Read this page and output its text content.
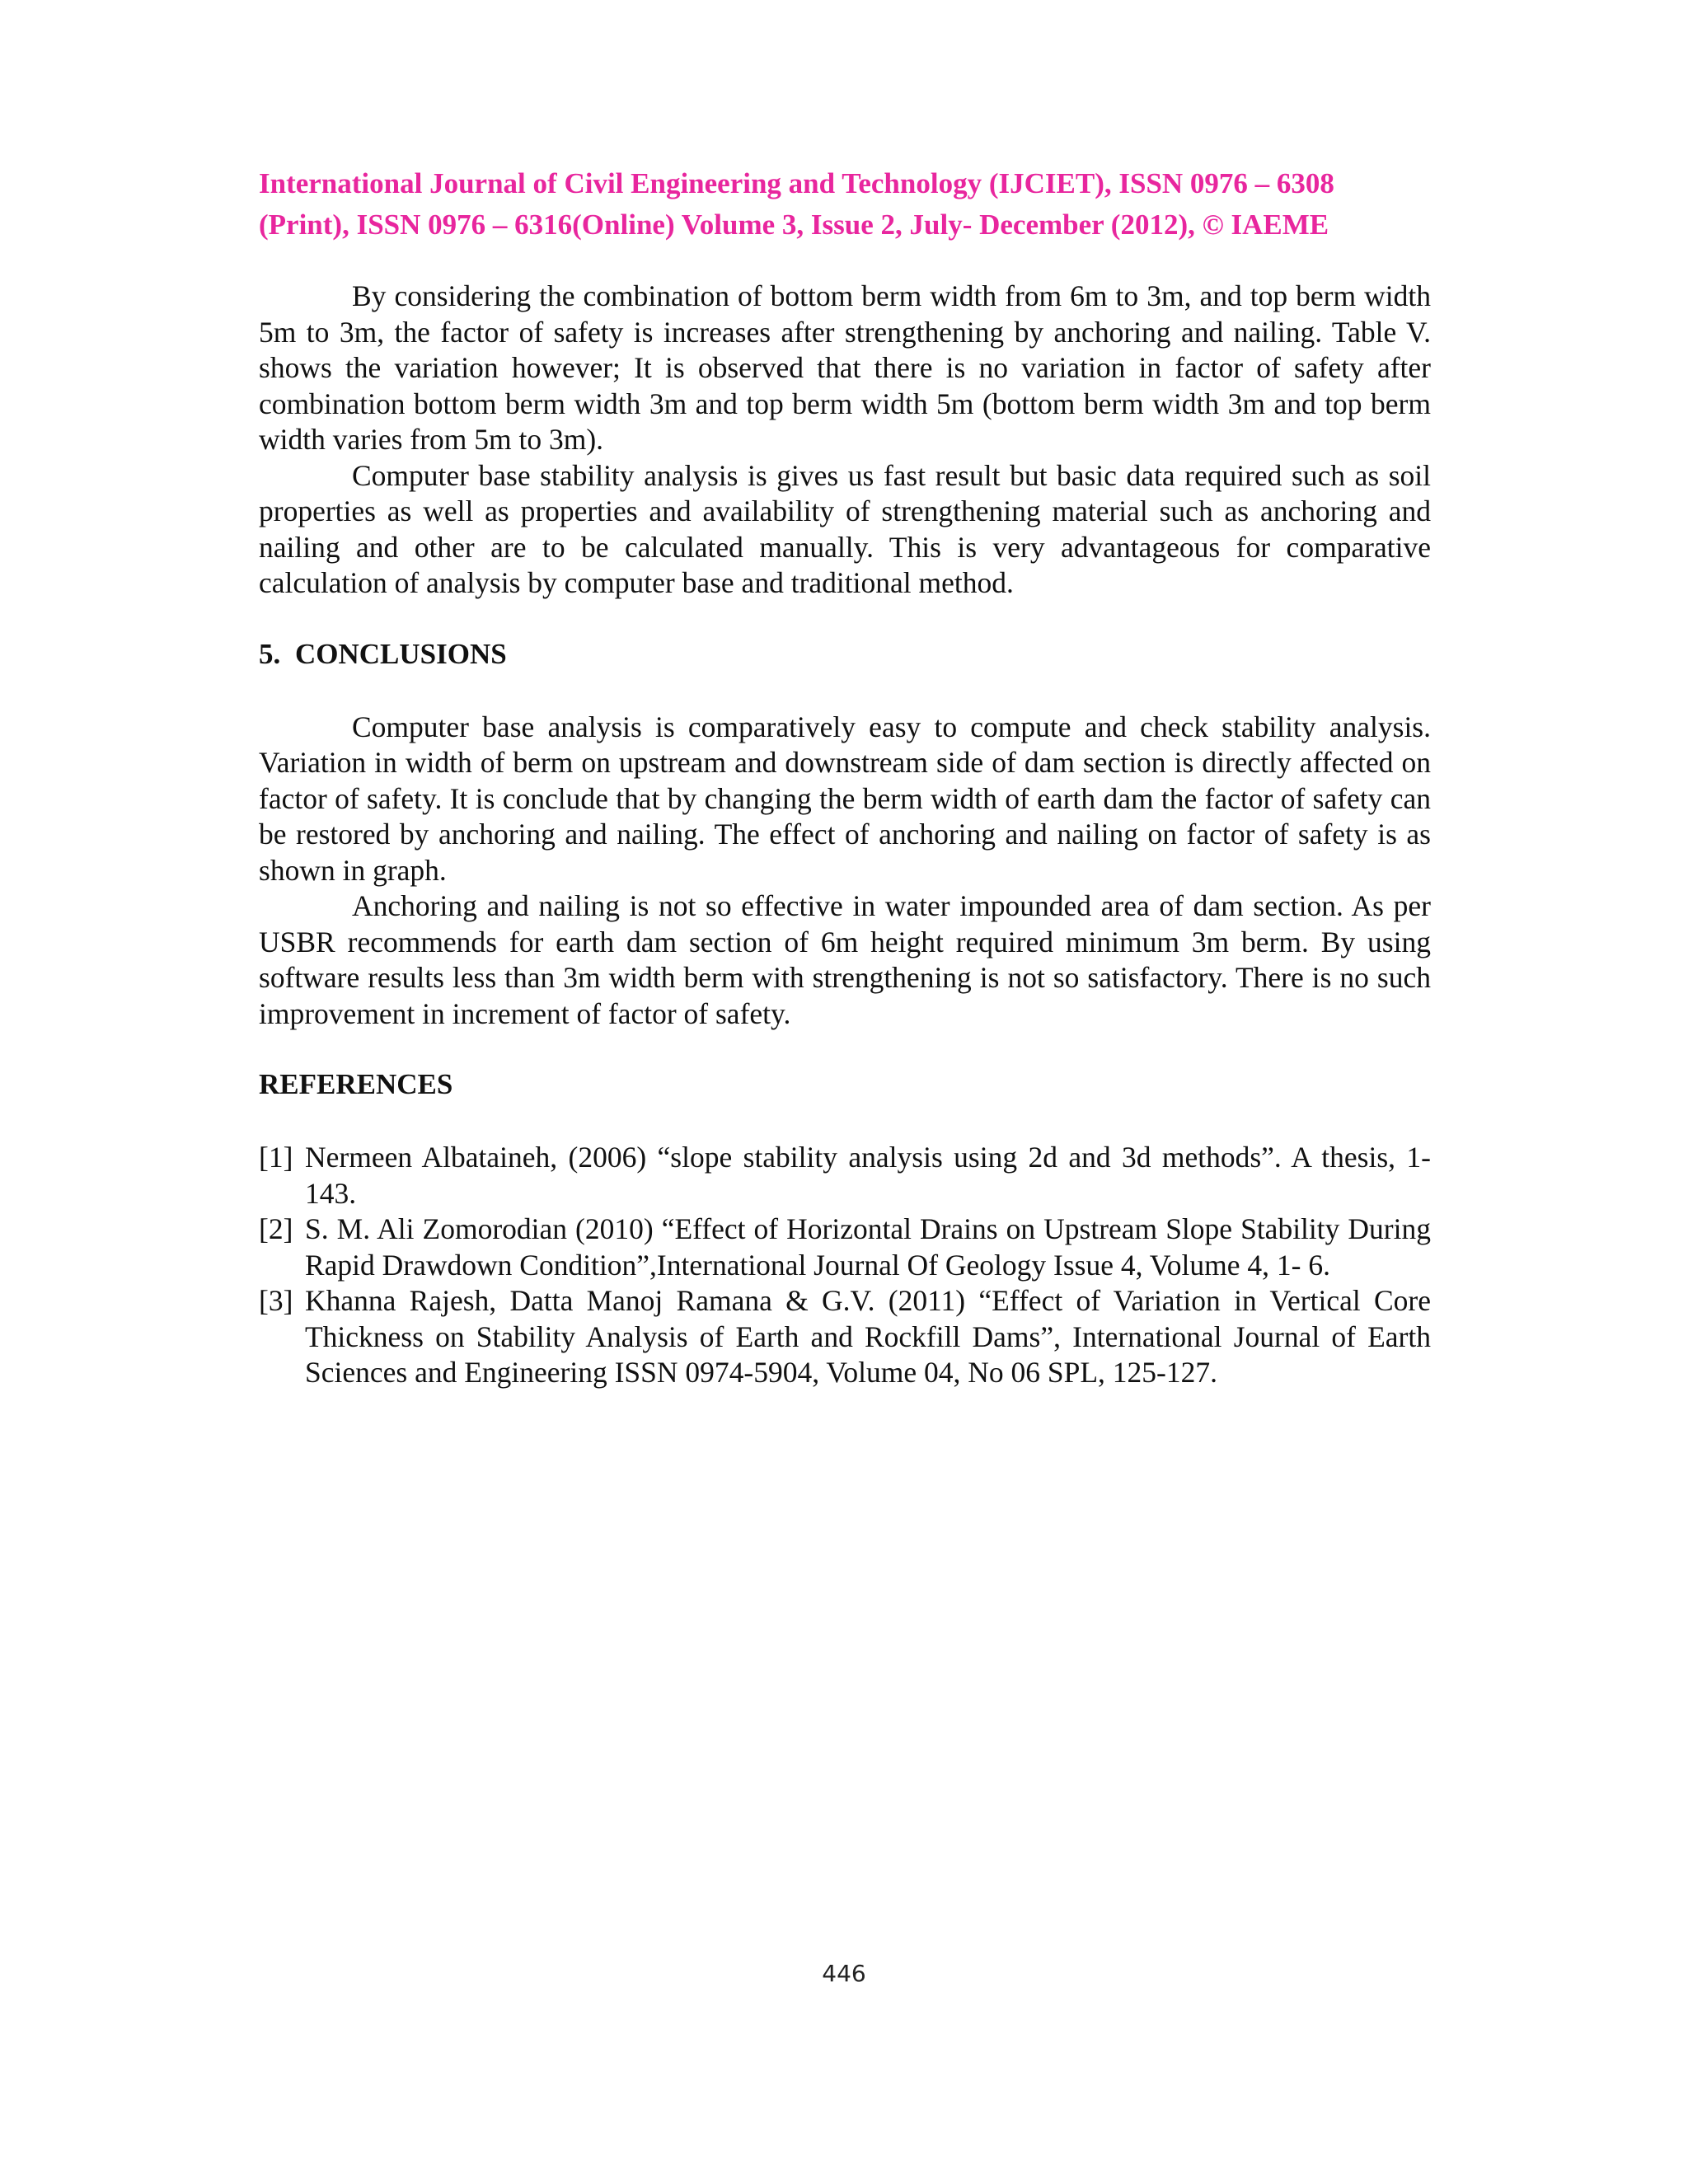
International Journal of Civil Engineering and Technology (IJCIET), ISSN 0976 – 6308
(Print), ISSN 0976 – 6316(Online) Volume 3, Issue 2, July- December (2012), © IAEME

By considering the combination of bottom berm width from 6m to 3m, and top berm width 5m to 3m, the factor of safety is increases after strengthening by anchoring and nailing. Table V. shows the variation however; It is observed that there is no variation in factor of safety after combination bottom berm width 3m and top berm width 5m (bottom berm width 3m and top berm width varies from 5m to 3m).

Computer base stability analysis is gives us fast result but basic data required such as soil properties as well as properties and availability of strengthening material such as anchoring and nailing and other are to be calculated manually. This is very advantageous for comparative calculation of analysis by computer base and traditional method.

5. CONCLUSIONS

Computer base analysis is comparatively easy to compute and check stability analysis. Variation in width of berm on upstream and downstream side of dam section is directly affected on factor of safety. It is conclude that by changing the berm width of earth dam the factor of safety can be restored by anchoring and nailing. The effect of anchoring and nailing on factor of safety is as shown in graph.

Anchoring and nailing is not so effective in water impounded area of dam section. As per USBR recommends for earth dam section of 6m height required minimum 3m berm. By using software results less than 3m width berm with strengthening is not so satisfactory. There is no such improvement in increment of factor of safety.

REFERENCES
[1] Nermeen Albataineh, (2006) “slope stability analysis using 2d and 3d methods”. A thesis, 1-143.
[2] S. M. Ali Zomorodian (2010) “Effect of Horizontal Drains on Upstream Slope Stability During Rapid Drawdown Condition”,International Journal Of Geology Issue 4, Volume 4, 1- 6.
[3] Khanna Rajesh, Datta Manoj Ramana & G.V. (2011) “Effect of Variation in Vertical Core Thickness on Stability Analysis of Earth and Rockfill Dams”, International Journal of Earth Sciences and Engineering ISSN 0974-5904, Volume 04, No 06 SPL, 125-127.
446
